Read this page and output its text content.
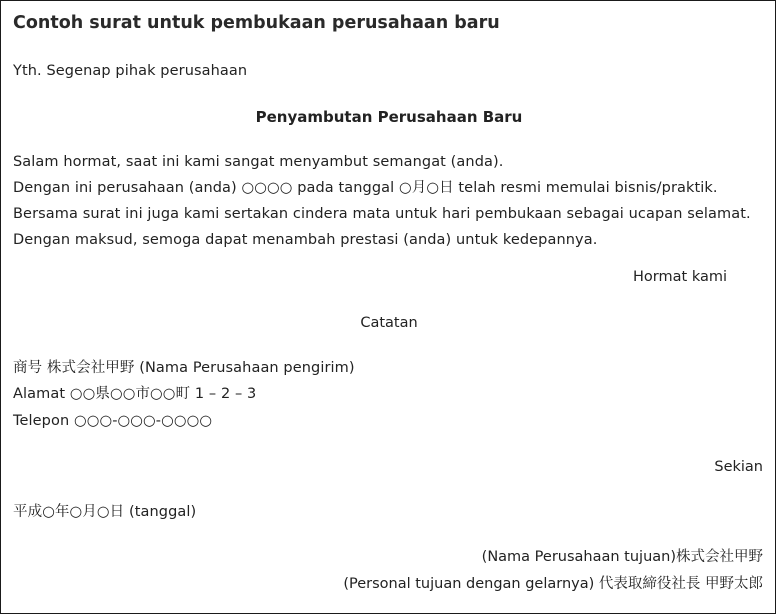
Contoh surat untuk pembukaan perusahaan baru
Yth. Segenap pihak perusahaan
Penyambutan Perusahaan Baru
Salam hormat, saat ini kami sangat menyambut semangat (anda).
Dengan ini perusahaan (anda) ○○○○ pada tanggal ○月○日 telah resmi memulai bisnis/praktik.
Bersama surat ini juga kami sertakan cindera mata untuk hari pembukaan sebagai ucapan selamat.
Dengan maksud, semoga dapat menambah prestasi (anda) untuk kedepannya.
Hormat kami
Catatan
商号 株式会社甲野 (Nama Perusahaan pengirim)
Alamat ○○県○○市○○町 1 – 2 – 3
Telepon ○○○-○○○-○○○○
Sekian
平成○年○月○日 (tanggal)
(Nama Perusahaan tujuan)株式会社甲野
(Personal tujuan dengan gelarnya) 代表取締役社長 甲野太郎
